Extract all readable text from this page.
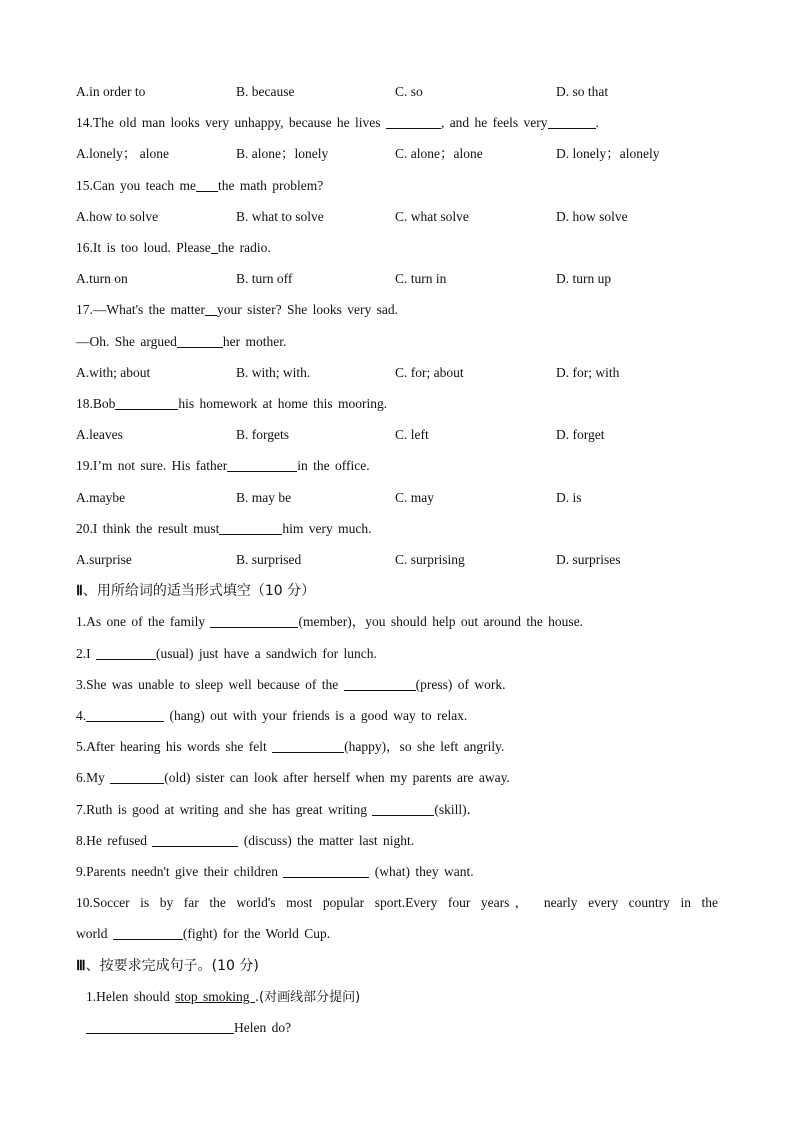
A.in order to	B. because	C. so	D. so that
14.The old man looks very unhappy, because he lives	, and he feels very	.
A.lonely； alone	B. alone；lonely	C. alone；alone	D. lonely；alonely
15.Can you teach me the math problem?
A.how to solve	B. what to solve	C. what solve	D. how solve
16.It is too loud. Please the radio.
A.turn on	B. turn off	C. turn in	D. turn up
17.—What's the matter your sister? She looks very sad.
—Oh. She argued	her mother.
A.with; about	B. with; with.	C. for; about	D. for; with
18.Bob	his homework at home this mooring.
A.leaves	B. forgets	C. left	D. forget
19.I’m not sure. His father	in the office.
A.maybe	B. may be	C. may	D. is
20.I think the result must	him very much.
A.surprise	B. surprised	C. surprising	D. surprises
Ⅱ、用所给词的适当形式填空（10 分）
1.As one of the family	(member)，you should help out around the house.
2.I	(usual) just have a sandwich for lunch.
3.She was unable to sleep well because of the	(press) of work.
4.	(hang) out with your friends is a good way to relax.
5.After hearing his words she felt	(happy)，so she left angrily.
6.My	(old) sister can look after herself when my parents are away.
7.Ruth is good at writing and she has great writing	(skill)．
8.He refused	(discuss) the matter last night.
9.Parents needn't give their children	(what) they want.
10.Soccer is by far the world's most popular sport.Every four years， nearly every country in the
world	(fight) for the World Cup.
Ⅲ、按要求完成句子。(10 分)
1.Helen should stop smoking .(对画线部分提问)
Helen do?
